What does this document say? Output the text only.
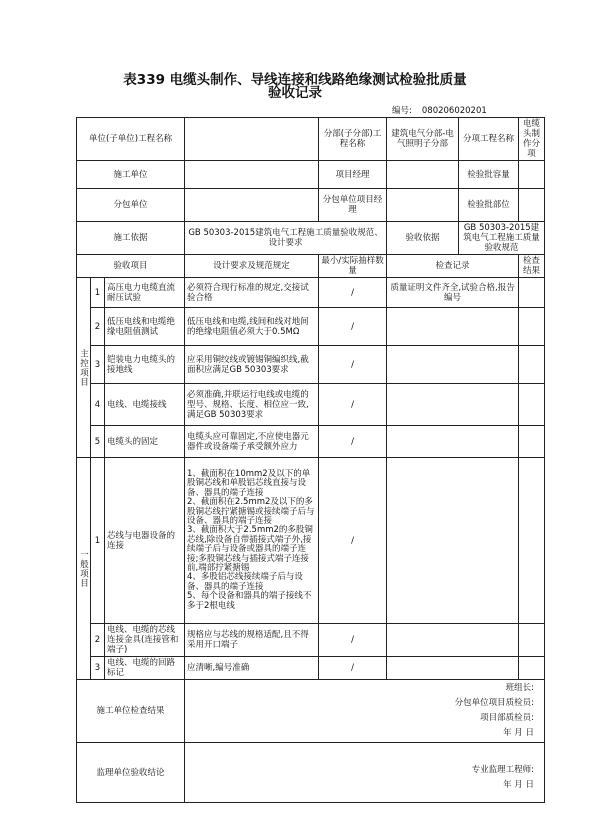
表339 电缆头制作、导线连接和线路绝缘测试检验批质量
验收记录
编号: 080206020201
单位(子单位)工程名称				分部(子分部)工程名称	建筑电气分部-电气照明子分部	分项工程名称	电缆头制作分项
施工单位				项目经理		检验批容量	
分包单位				分包单位项目经理		检验批部位	
施工依据			GB 50303-2015建筑电气工程施工质量验收规范、设计要求		验收依据	GB 50303-2015建筑电气工程施工质量验收规范	
验收项目			设计要求及规范规定	最小/实际抽样数量	检查记录		检查结果
主控项目	1	高压电力电缆直流耐压试验	必须符合现行标准的规定,交接试验合格	/	质量证明文件齐全,试验合格,报告编号		
	2	低压电线和电缆绝缘电阻值测试	低压电线和电缆,线间和线对地间的绝缘电阻值必须大于0.5MΩ	/			
	3	铠装电力电缆头的接地线	应采用铜绞线或镀锡铜编织线,截面积应满足GB 50303要求	/			
	4	电线、电缆接线	必须准确,并联运行电线或电缆的型号、规格、长度、相位应一致,满足GB 50303要求	/			
	5	电缆头的固定	电缆头应可靠固定,不应使电器元器件或设备端子承受额外应力	/			
一般项目	1	芯线与电器设备的连接	1、截面积在10mm2及以下的单股铜芯线和单股铝芯线直接与设备、器具的端子连接
2、截面积在2.5mm2及以下的多股铜芯线拧紧搪锡或接续端子后与设备、器具的端子连接
3、截面积大于2.5mm2的多股铜芯线,除设备自带插接式端子外,接续端子后与设备或器具的端子连接;多股铜芯线与插接式端子连接前,端部拧紧搪锡
4、多股铝芯线接续端子后与设备、器具的端子连接
5、每个设备和器具的端子接线不多于2根电线	/			
	2	电线、电缆的芯线连接金具(连接管和端子)	规格应与芯线的规格适配,且不得采用开口端子	/			
	3	电线、电缆的回路标记	应清晰,编号准确	/			
施工单位检查结果			班组长:
分包单位项目质检员:
项目部质检员:
年 月 日				

监理单位验收结论			专业监理工程师:
年 月 日				
